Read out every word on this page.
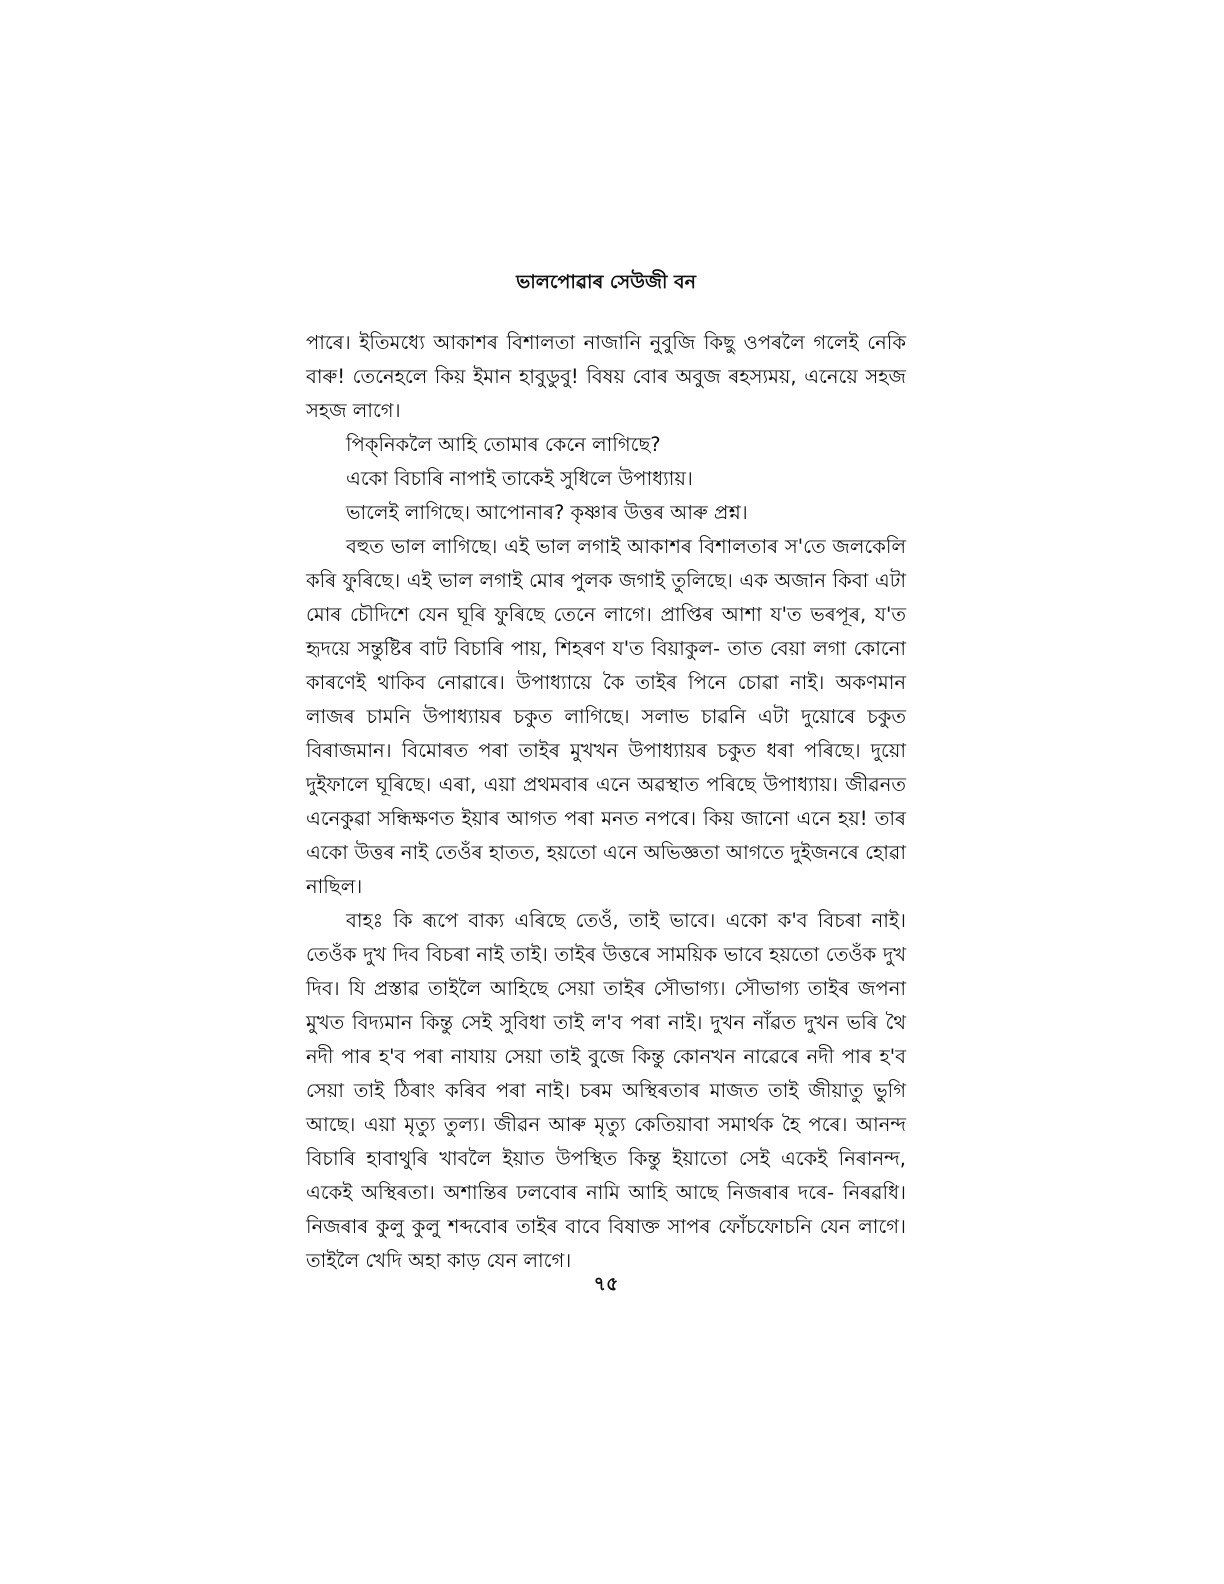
ভালপোৱাৰ সেউজী বন

পাৰে। ইতিমধ্যে আকাশৰ বিশালতা নাজানি নুবুজি কিছু ওপৰলৈ গলেই নেকি বাৰু! তেনেহলে কিয় ইমান হাবুডুবু! বিষয় বোৰ অবুজ ৰহস্যময়, এনেয়ে সহজ সহজ লাগে।

পিক্‌নিকলৈ আহি তোমাৰ কেনে লাগিছে?

একো বিচাৰি নাপাই তাকেই সুধিলে উপাধ্যায়।

ভালেই লাগিছে। আপোনাৰ? কৃষ্ণাৰ উত্তৰ আৰু প্ৰশ্ন।

বহুত ভাল লাগিছে। এই ভাল লগাই আকাশৰ বিশালতাৰ স'তে জলকেলি কৰি ফুৰিছে। এই ভাল লগাই মোৰ পুলক জগাই তুলিছে। এক অজান কিবা এটা মোৰ চৌদিশে যেন ঘূৰি ফুৰিছে তেনে লাগে। প্ৰাপ্তিৰ আশা য'ত ভৰপূৰ, য'ত হৃদয়ে সন্তুষ্টিৰ বাট বিচাৰি পায়, শিহৰণ য'ত বিয়াকুল- তাত বেয়া লগা কোনো কাৰণেই থাকিব নোৱাৰে। উপাধ্যায়ে কৈ তাইৰ পিনে চোৱা নাই। অকণমান লাজৰ চামনি উপাধ্যায়ৰ চকুত লাগিছে। সলাভ চাৱনি এটা দুয়োৰে চকুত বিৰাজমান। বিমোৰত পৰা তাইৰ মুখখন উপাধ্যায়ৰ চকুত ধৰা পৰিছে। দুয়ো দুইফালে ঘূৰিছে। এৰা, এয়া প্ৰথমবাৰ এনে অৱস্থাত পৰিছে উপাধ্যায়। জীৱনত এনেকুৱা সন্ধিক্ষণত ইয়াৰ আগত পৰা মনত নপৰে। কিয় জানো এনে হয়! তাৰ একো উত্তৰ নাই তেওঁৰ হাতত, হয়তো এনে অভিজ্ঞতা আগতে দুইজনৰে হোৱা নাছিল।

বাহঃ কি ৰূপে বাক্য এৰিছে তেওঁ, তাই ভাবে। একো ক'ব বিচৰা নাই। তেওঁক দুখ দিব বিচৰা নাই তাই। তাইৰ উত্তৰে সাময়িক ভাবে হয়তো তেওঁক দুখ দিব। যি প্ৰস্তাৱ তাইলৈ আহিছে সেয়া তাইৰ সৌভাগ্য। সৌভাগ্য তাইৰ জপনা মুখত বিদ্যমান কিন্তু সেই সুবিধা তাই ল'ব পৰা নাই। দুখন নাঁৱত দুখন ভৰি থৈ নদী পাৰ হ'ব পৰা নাযায় সেয়া তাই বুজে কিন্তু কোনখন নাৱেৰে নদী পাৰ হ'ব সেয়া তাই ঠিৰাং কৰিব পৰা নাই। চৰম অস্থিৰতাৰ মাজত তাই জীয়াতু ভুগি আছে। এয়া মৃত্যু তুল্য। জীৱন আৰু মৃত্যু কেতিয়াবা সমাৰ্থক হৈ পৰে। আনন্দ বিচাৰি হাবাথুৰি খাবলৈ ইয়াত উপস্থিত কিন্তু ইয়াতো সেই একেই নিৰানন্দ, একেই অস্থিৰতা। অশান্তিৰ ঢলবোৰ নামি আহি আছে নিজৰাৰ দৰে- নিৰৱধি। নিজৰাৰ কুলু কুলু শব্দবোৰ তাইৰ বাবে বিষাক্ত সাপৰ ফোঁচফোচনি যেন লাগে। তাইলৈ খেদি অহা কাড় যেন লাগে।

৭৫
